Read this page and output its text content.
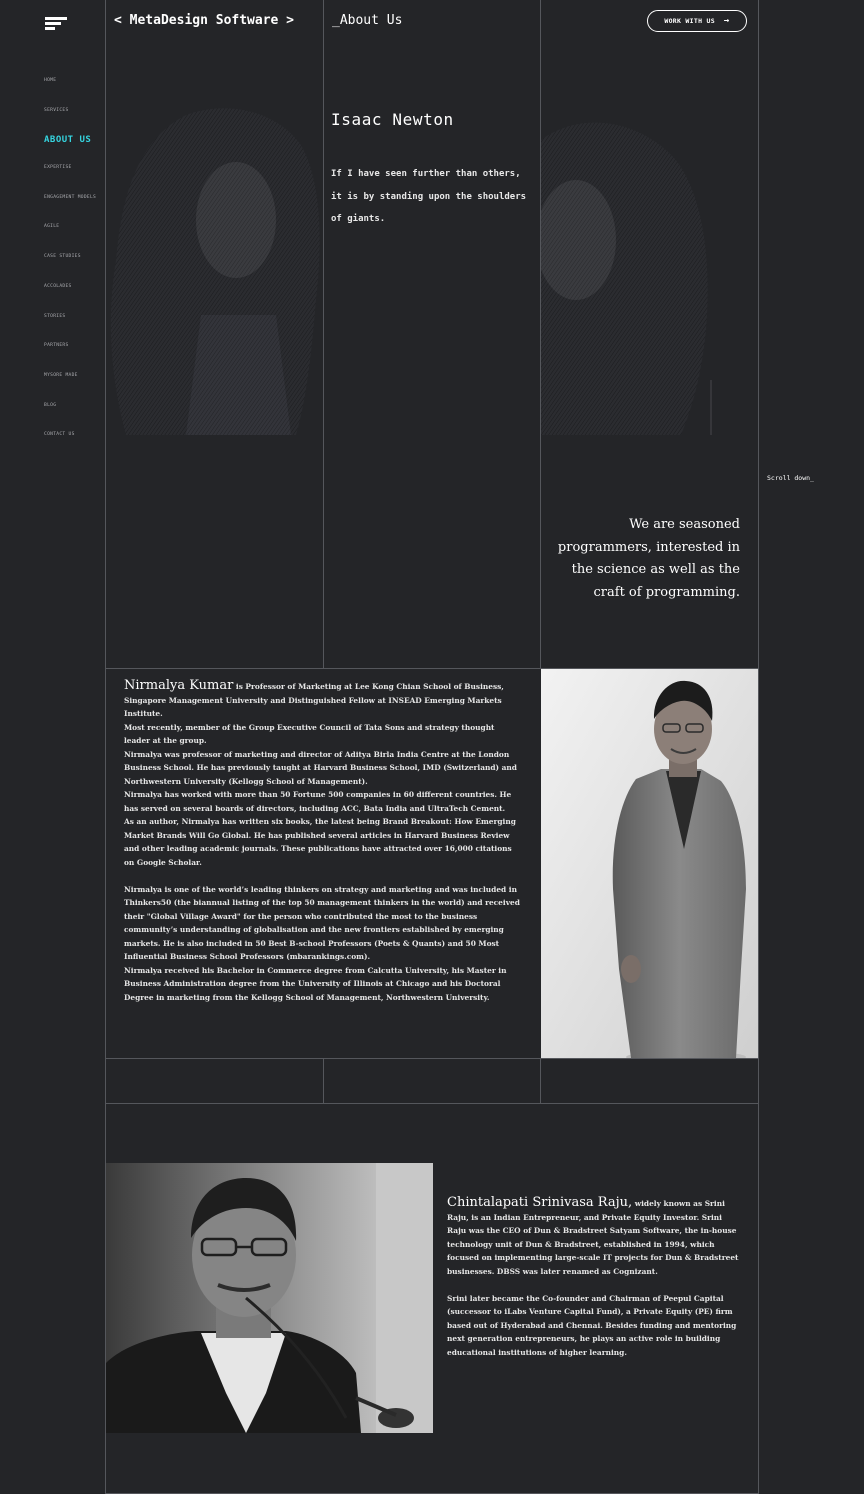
HOME
SERVICES
ABOUT US
EXPERTISE
ENGAGEMENT MODELS
AGILE
CASE STUDIES
ACCOLADES
STORIES
PARTNERS
MYSORE MADE
BLOG
CONTACT US
< MetaDesign Software >	_About Us	WORK WITH US →
Isaac Newton
If I have seen further than others, it is by standing upon the shoulders of giants.
Scroll down_
We are seasoned programmers, interested in the science as well as the craft of programming.

Nirmalya Kumar is Professor of Marketing at Lee Kong Chian School of Business, Singapore Management University and Distinguished Fellow at INSEAD Emerging Markets Institute.

Most recently, member of the Group Executive Council of Tata Sons and strategy thought leader at the group.

Nirmalya was professor of marketing and director of Aditya Birla India Centre at the London Business School. He has previously taught at Harvard Business School, IMD (Switzerland) and Northwestern University (Kellogg School of Management).

Nirmalya has worked with more than 50 Fortune 500 companies in 60 different countries. He has served on several boards of directors, including ACC, Bata India and UltraTech Cement.

As an author, Nirmalya has written six books, the latest being Brand Breakout: How Emerging Market Brands Will Go Global. He has published several articles in Harvard Business Review and other leading academic journals. These publications have attracted over 16,000 citations on Google Scholar.

Nirmalya is one of the world’s leading thinkers on strategy and marketing and was included in Thinkers50 (the biannual listing of the top 50 management thinkers in the world) and received their "Global Village Award" for the person who contributed the most to the business community’s understanding of globalisation and the new frontiers established by emerging markets. He is also included in 50 Best B-school Professors (Poets & Quants) and 50 Most Influential Business School Professors (mbarankings.com).

Nirmalya received his Bachelor in Commerce degree from Calcutta University, his Master in Business Administration degree from the University of Illinois at Chicago and his Doctoral Degree in marketing from the Kellogg School of Management, Northwestern University.

Chintalapati Srinivasa Raju, widely known as Srini Raju, is an Indian Entrepreneur, and Private Equity Investor. Srini Raju was the CEO of Dun & Bradstreet Satyam Software, the in-house technology unit of Dun & Bradstreet, established in 1994, which focused on implementing large-scale IT projects for Dun & Bradstreet businesses. DBSS was later renamed as Cognizant.

Srini later became the Co-founder and Chairman of Peepul Capital (successor to iLabs Venture Capital Fund), a Private Equity (PE) firm based out of Hyderabad and Chennai. Besides funding and mentoring next generation entrepreneurs, he plays an active role in building educational institutions of higher learning.
